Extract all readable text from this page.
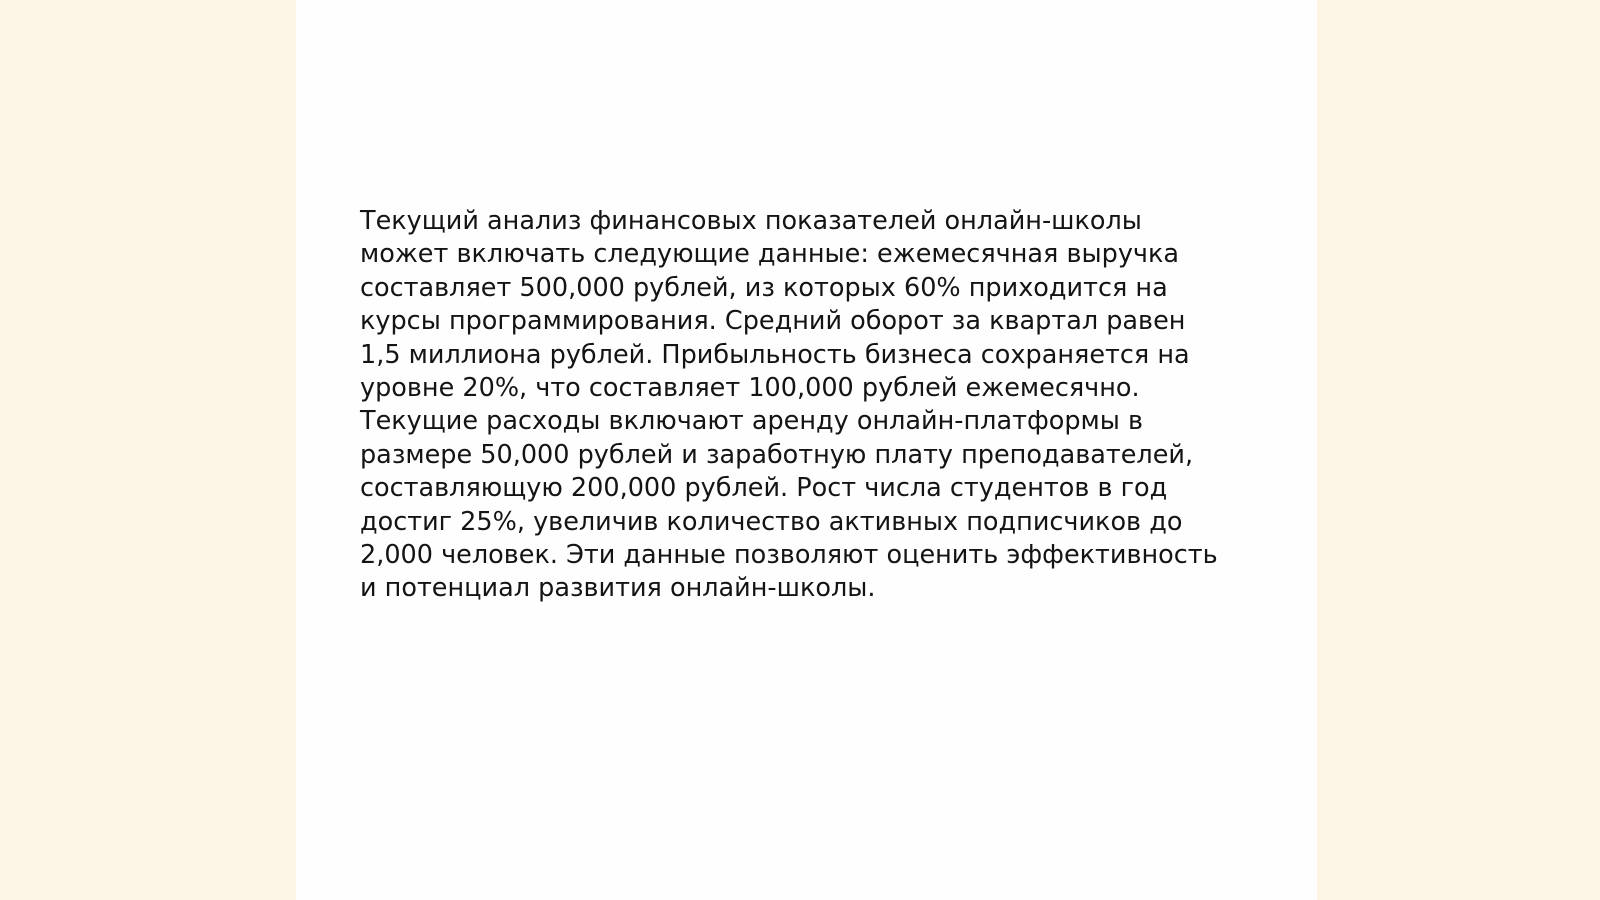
Текущий анализ финансовых показателей онлайн-школы
может включать следующие данные: ежемесячная выручка
составляет 500,000 рублей, из которых 60% приходится на
курсы программирования. Средний оборот за квартал равен
1,5 миллиона рублей. Прибыльность бизнеса сохраняется на
уровне 20%, что составляет 100,000 рублей ежемесячно.
Текущие расходы включают аренду онлайн-платформы в
размере 50,000 рублей и заработную плату преподавателей,
составляющую 200,000 рублей. Рост числа студентов в год
достиг 25%, увеличив количество активных подписчиков до
2,000 человек. Эти данные позволяют оценить эффективность
и потенциал развития онлайн-школы.
